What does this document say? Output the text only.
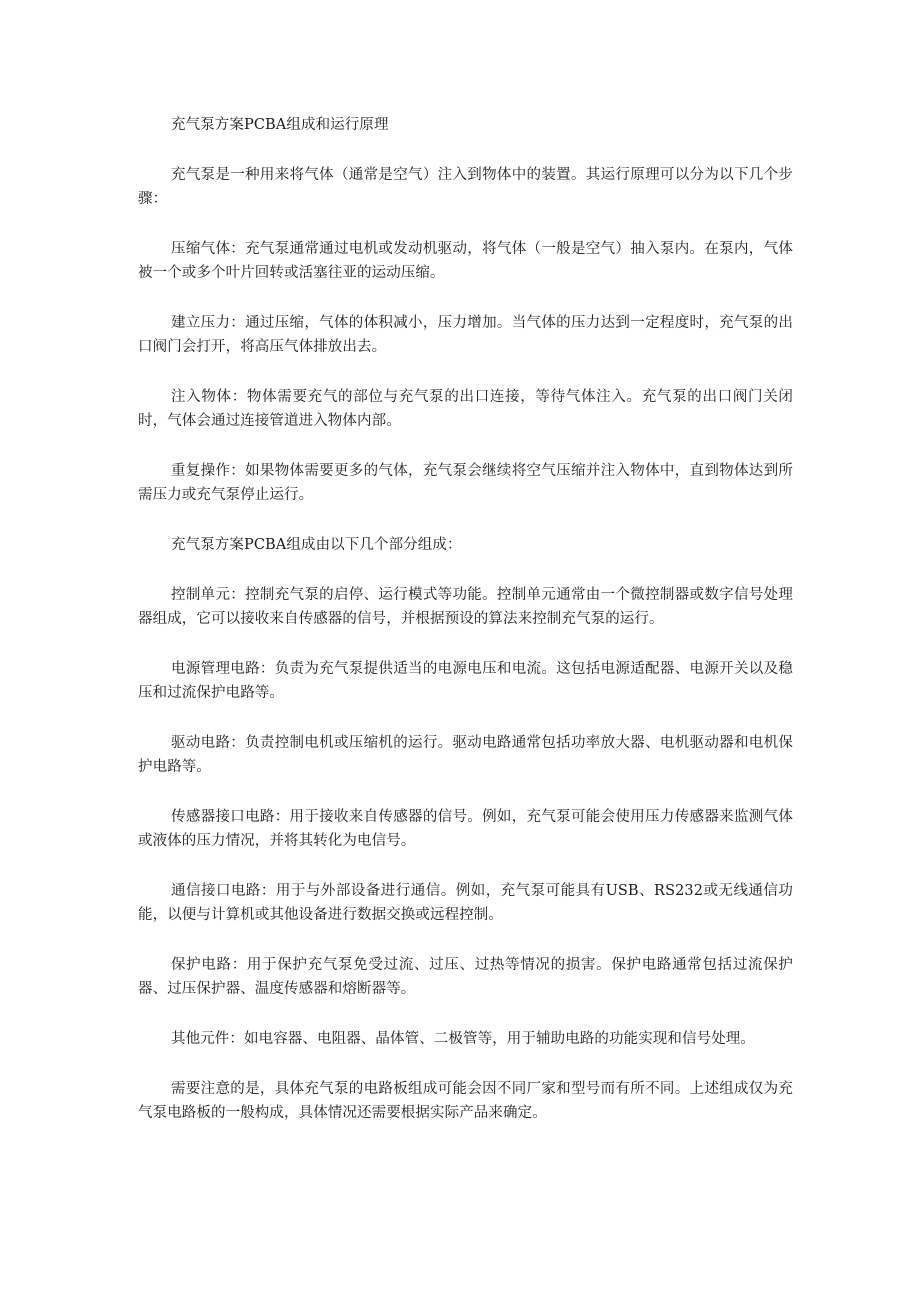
充气泵方案PCBA组成和运行原理

充气泵是一种用来将气体（通常是空气）注入到物体中的装置。其运行原理可以分为以下几个步骤：

压缩气体：充气泵通常通过电机或发动机驱动，将气体（一般是空气）抽入泵内。在泵内，气体被一个或多个叶片回转或活塞往亚的运动压缩。

建立压力：通过压缩，气体的体积减小，压力增加。当气体的压力达到一定程度时，充气泵的出口阀门会打开，将高压气体排放出去。

注入物体：物体需要充气的部位与充气泵的出口连接，等待气体注入。充气泵的出口阀门关闭时，气体会通过连接管道进入物体内部。

重复操作：如果物体需要更多的气体，充气泵会继续将空气压缩并注入物体中，直到物体达到所需压力或充气泵停止运行。

充气泵方案PCBA组成由以下几个部分组成：

控制单元：控制充气泵的启停、运行模式等功能。控制单元通常由一个微控制器或数字信号处理器组成，它可以接收来自传感器的信号，并根据预设的算法来控制充气泵的运行。

电源管理电路：负责为充气泵提供适当的电源电压和电流。这包括电源适配器、电源开关以及稳压和过流保护电路等。

驱动电路：负责控制电机或压缩机的运行。驱动电路通常包括功率放大器、电机驱动器和电机保护电路等。

传感器接口电路：用于接收来自传感器的信号。例如，充气泵可能会使用压力传感器来监测气体或液体的压力情况，并将其转化为电信号。

通信接口电路：用于与外部设备进行通信。例如，充气泵可能具有USB、RS232或无线通信功能，以便与计算机或其他设备进行数据交换或远程控制。

保护电路：用于保护充气泵免受过流、过压、过热等情况的损害。保护电路通常包括过流保护器、过压保护器、温度传感器和熔断器等。

其他元件：如电容器、电阻器、晶体管、二极管等，用于辅助电路的功能实现和信号处理。

需要注意的是，具体充气泵的电路板组成可能会因不同厂家和型号而有所不同。上述组成仅为充气泵电路板的一般构成，具体情况还需要根据实际产品来确定。
